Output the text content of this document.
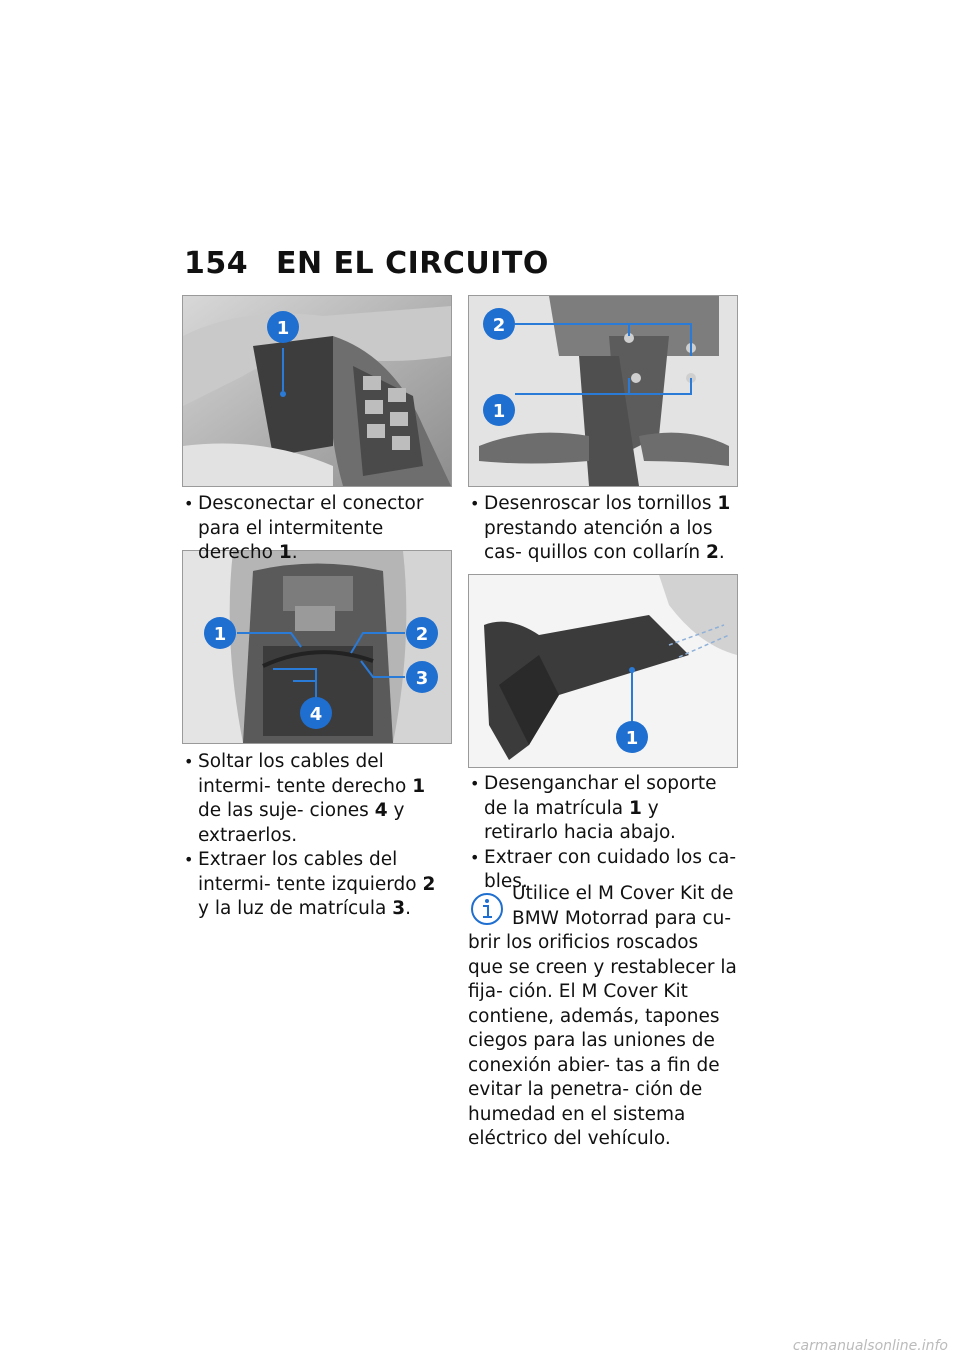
154 EN EL CIRCUITO
1
1	2
3
4
2
1
1
• Desconectar el conector para el intermitente derecho 1.
• Soltar los cables del intermi- tente derecho 1 de las suje- ciones 4 y extraerlos.
• Extraer los cables del intermi- tente izquierdo 2 y la luz de matrícula 3.
• Desenroscar los tornillos 1 prestando atención a los cas- quillos con collarín 2.
• Desenganchar el soporte de la matrícula 1 y retirarlo hacia abajo.
• Extraer con cuidado los ca- bles.
Utilice el M Cover Kit de
BMW Motorrad para cu-
brir los orificios roscados que se creen y restablecer la fija- ción. El M Cover Kit contiene, además, tapones ciegos para las uniones de conexión abier- tas a fin de evitar la penetra- ción de humedad en el sistema eléctrico del vehículo.
carmanualsonline.info
